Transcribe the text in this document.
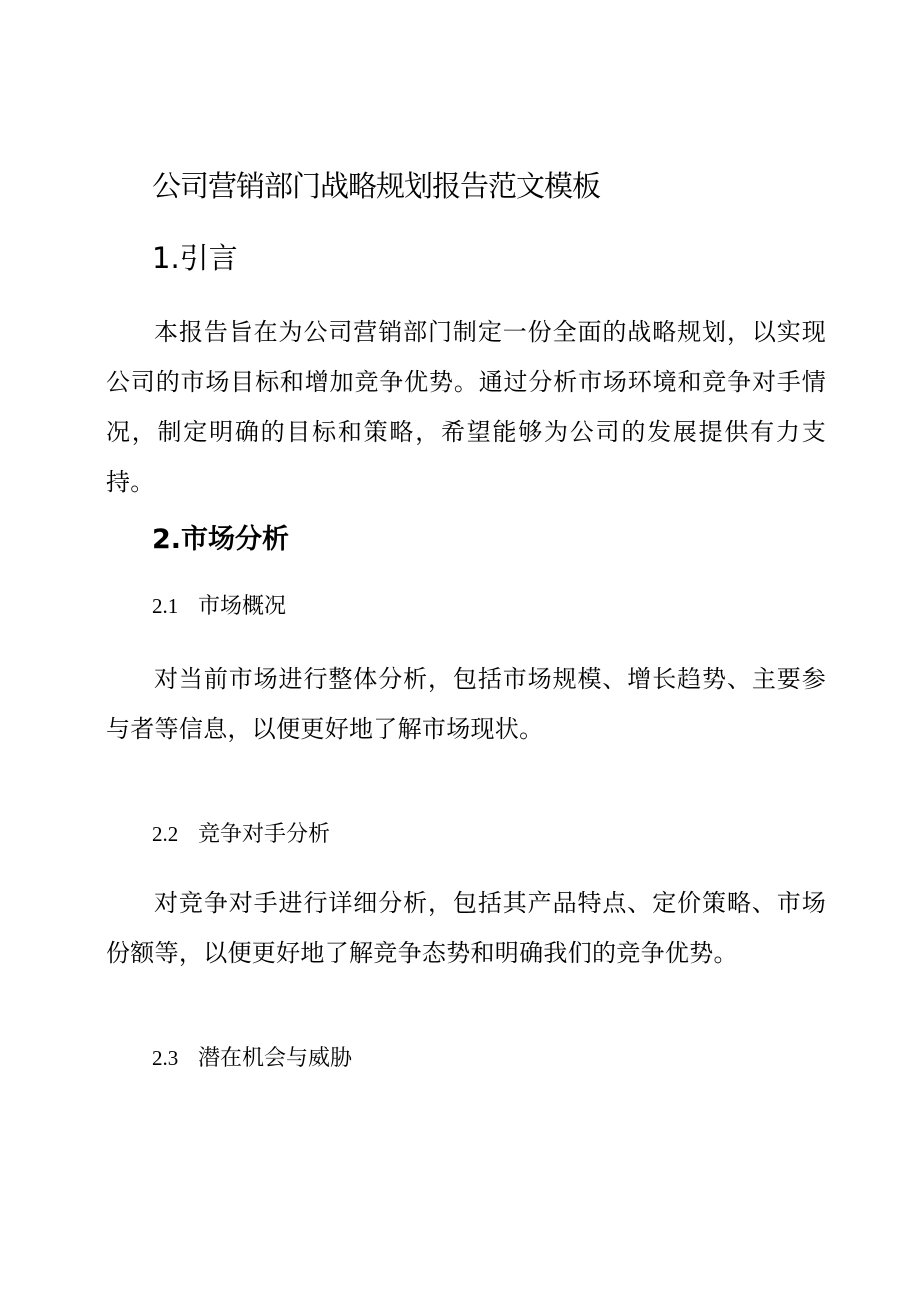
公司营销部门战略规划报告范文模板
1.引言

本报告旨在为公司营销部门制定一份全面的战略规划，以实现公司的市场目标和增加竞争优势。通过分析市场环境和竞争对手情况，制定明确的目标和策略，希望能够为公司的发展提供有力支持。

2.市场分析
2.1 市场概况

对当前市场进行整体分析，包括市场规模、增长趋势、主要参与者等信息，以便更好地了解市场现状。

2.2 竞争对手分析

对竞争对手进行详细分析，包括其产品特点、定价策略、市场份额等，以便更好地了解竞争态势和明确我们的竞争优势。

2.3 潜在机会与威胁
